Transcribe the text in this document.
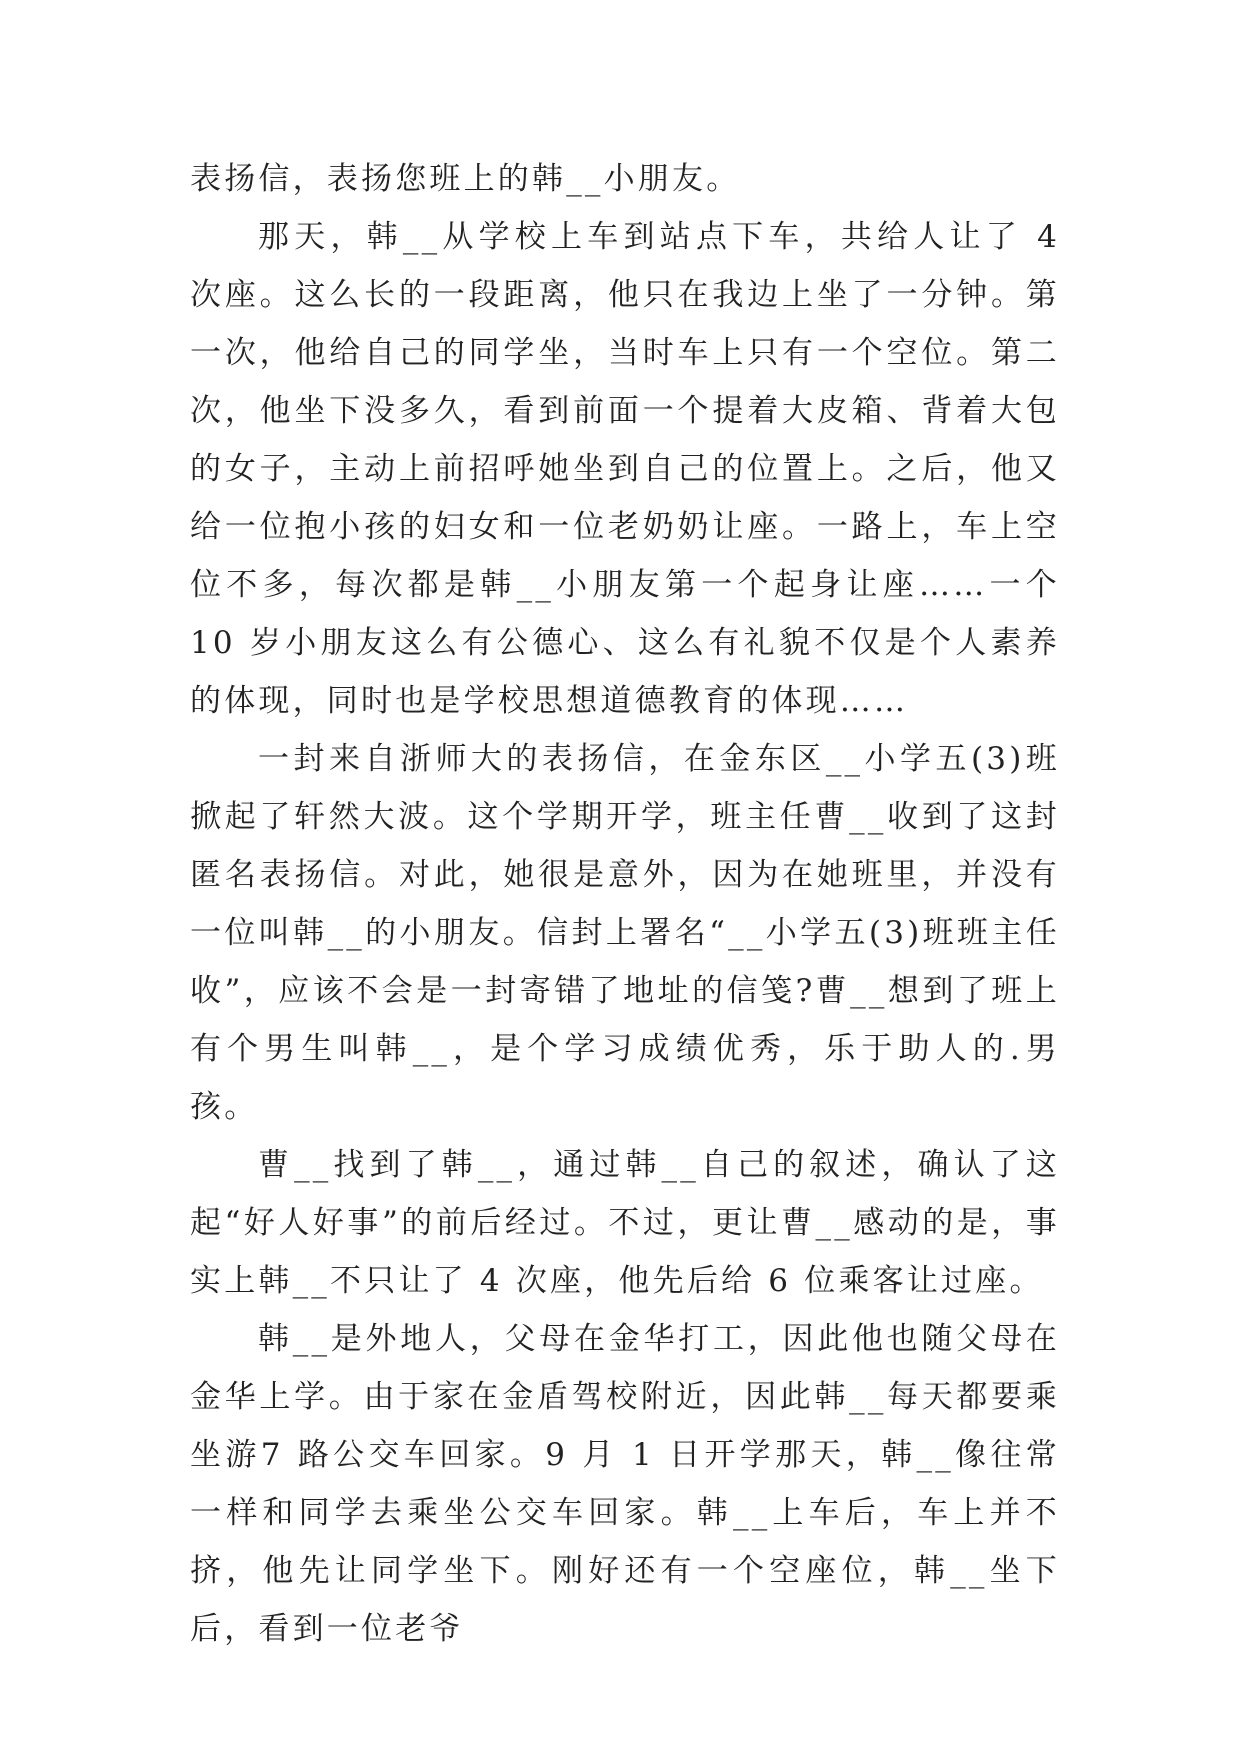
表扬信，表扬您班上的韩__小朋友。

那天，韩__从学校上车到站点下车，共给人让了 4 次座。这么长的一段距离，他只在我边上坐了一分钟。第一次，他给自己的同学坐，当时车上只有一个空位。第二次，他坐下没多久，看到前面一个提着大皮箱、背着大包的女子，主动上前招呼她坐到自己的位置上。之后，他又给一位抱小孩的妇女和一位老奶奶让座。一路上，车上空位不多，每次都是韩__小朋友第一个起身让座……一个 10 岁小朋友这么有公德心、这么有礼貌不仅是个人素养的体现，同时也是学校思想道德教育的体现……

一封来自浙师大的表扬信，在金东区__小学五(3)班掀起了轩然大波。这个学期开学，班主任曹__收到了这封匿名表扬信。对此，她很是意外，因为在她班里，并没有一位叫韩__的小朋友。信封上署名“__小学五(3)班班主任收”，应该不会是一封寄错了地址的信笺?曹__想到了班上有个男生叫韩__，是个学习成绩优秀，乐于助人的.男孩。

曹__找到了韩__，通过韩__自己的叙述，确认了这起“好人好事”的前后经过。不过，更让曹__感动的是，事实上韩__不只让了 4 次座，他先后给 6 位乘客让过座。

韩__是外地人，父母在金华打工，因此他也随父母在金华上学。由于家在金盾驾校附近，因此韩__每天都要乘坐游7 路公交车回家。9 月 1 日开学那天，韩__像往常一样和同学去乘坐公交车回家。韩__上车后，车上并不挤，他先让同学坐下。刚好还有一个空座位，韩__坐下后，看到一位老爷
